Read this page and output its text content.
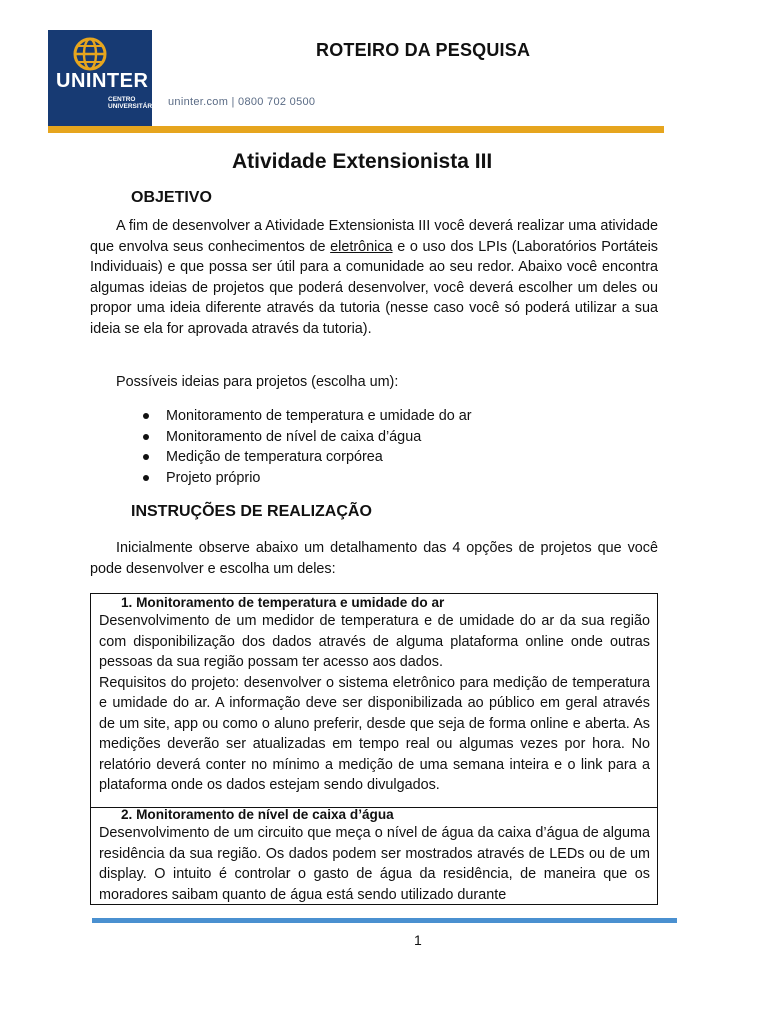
UNINTER
CENTRO
UNIVERSITÁRIO uninter.com | 0800 702 0500
ROTEIRO DA PESQUISA
Atividade Extensionista III
OBJETIVO
A fim de desenvolver a Atividade Extensionista III você deverá realizar uma atividade que envolva seus conhecimentos de eletrônica e o uso dos LPIs (Laboratórios Portáteis Individuais) e que possa ser útil para a comunidade ao seu redor. Abaixo você encontra algumas ideias de projetos que poderá desenvolver, você deverá escolher um deles ou propor uma ideia diferente através da tutoria (nesse caso você só poderá utilizar a sua ideia se ela for aprovada através da tutoria).
Possíveis ideias para projetos (escolha um):
Monitoramento de temperatura e umidade do ar
Monitoramento de nível de caixa d’água
Medição de temperatura corpórea
Projeto próprio
INSTRUÇÕES DE REALIZAÇÃO
Inicialmente observe abaixo um detalhamento das 4 opções de projetos que você pode desenvolver e escolha um deles:
1. Monitoramento de temperatura e umidade do ar
Desenvolvimento de um medidor de temperatura e de umidade do ar da sua região com disponibilização dos dados através de alguma plataforma online onde outras pessoas da sua região possam ter acesso aos dados.
Requisitos do projeto: desenvolver o sistema eletrônico para medição de temperatura e umidade do ar. A informação deve ser disponibilizada ao público em geral através de um site, app ou como o aluno preferir, desde que seja de forma online e aberta. As medições deverão ser atualizadas em tempo real ou algumas vezes por hora. No relatório deverá conter no mínimo a medição de uma semana inteira e o link para a plataforma onde os dados estejam sendo divulgados.
2. Monitoramento de nível de caixa d’água
Desenvolvimento de um circuito que meça o nível de água da caixa d’água de alguma residência da sua região. Os dados podem ser mostrados através de LEDs ou de um display. O intuito é controlar o gasto de água da residência, de maneira que os moradores saibam quanto de água está sendo utilizado durante
1
